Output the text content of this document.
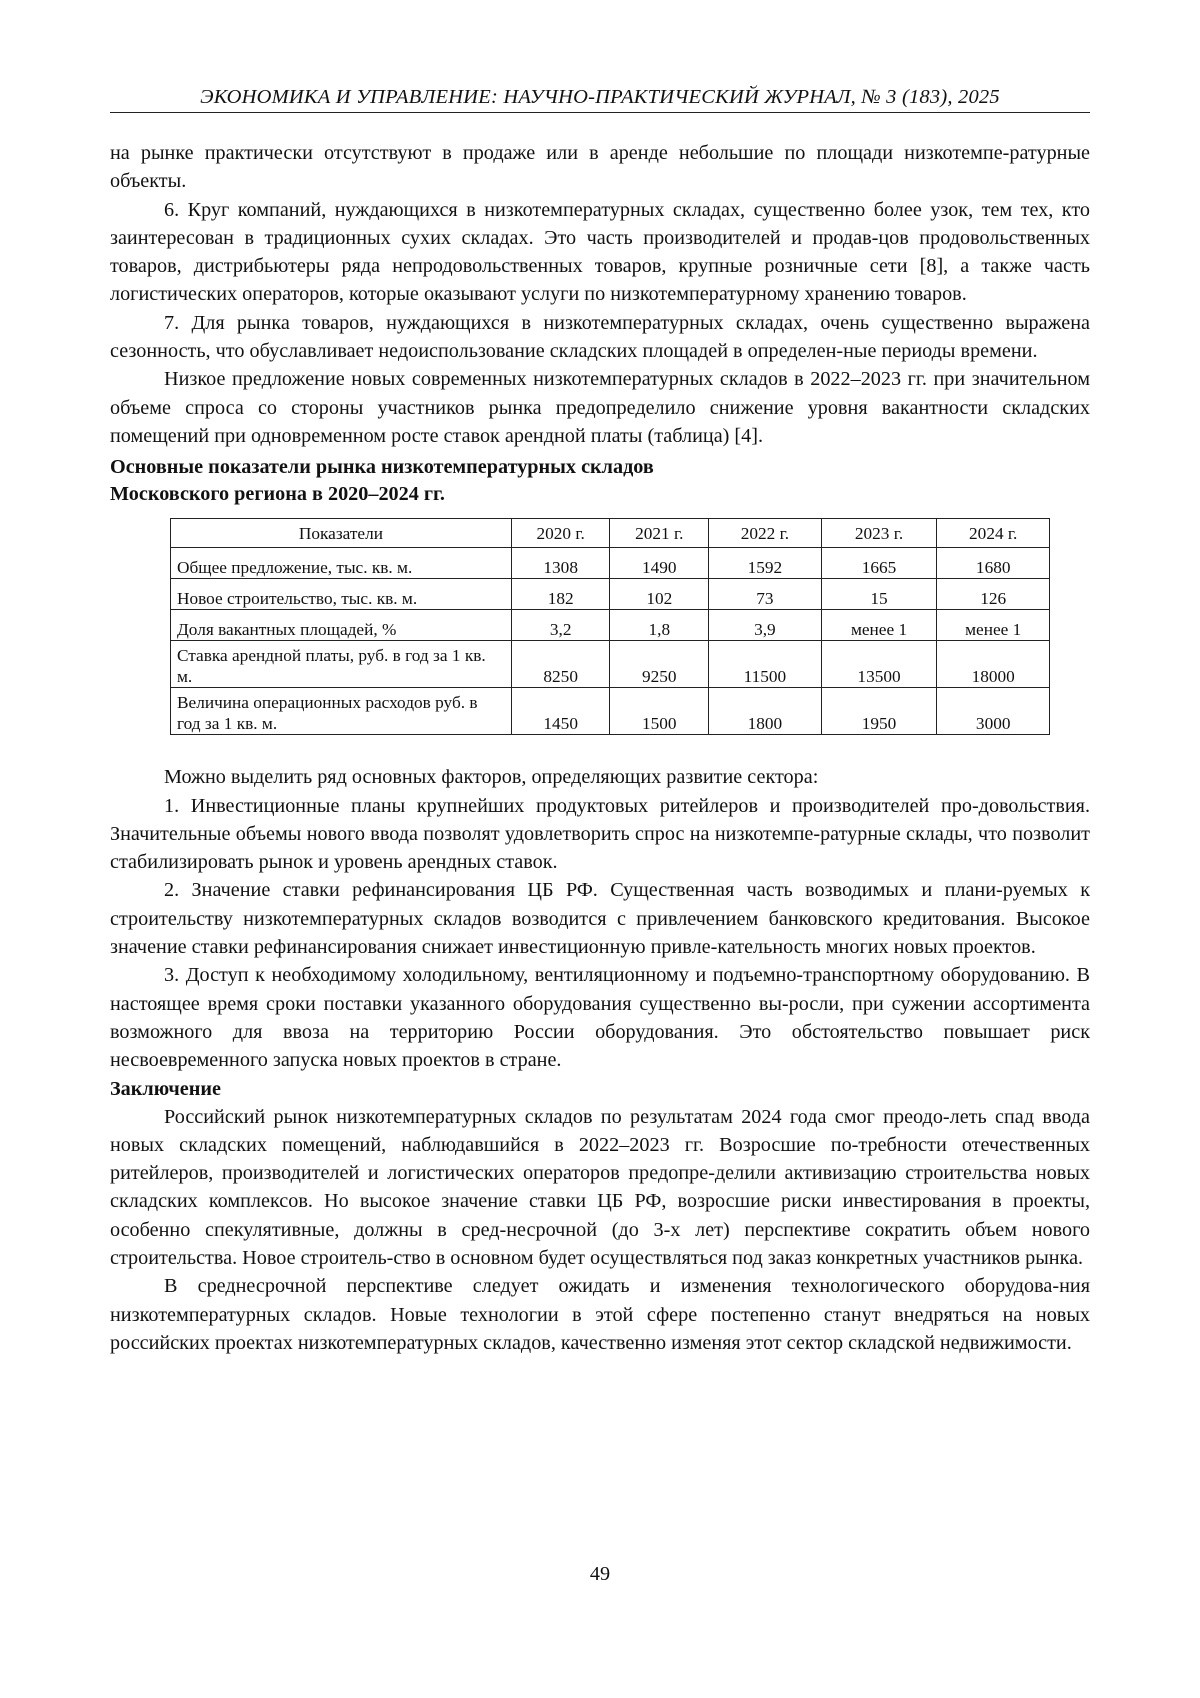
ЭКОНОМИКА И УПРАВЛЕНИЕ: НАУЧНО-ПРАКТИЧЕСКИЙ ЖУРНАЛ, № 3 (183), 2025

на рынке практически отсутствуют в продаже или в аренде небольшие по площади низкотемпе-ратурные объекты.

6. Круг компаний, нуждающихся в низкотемпературных складах, существенно более узок, тем тех, кто заинтересован в традиционных сухих складах. Это часть производителей и продав-цов продовольственных товаров, дистрибьютеры ряда непродовольственных товаров, крупные розничные сети [8], а также часть логистических операторов, которые оказывают услуги по низкотемпературному хранению товаров.

7. Для рынка товаров, нуждающихся в низкотемпературных складах, очень существенно выражена сезонность, что обуславливает недоиспользование складских площадей в определен-ные периоды времени.

Низкое предложение новых современных низкотемпературных складов в 2022–2023 гг. при значительном объеме спроса со стороны участников рынка предопределило снижение уровня вакантности складских помещений при одновременном росте ставок арендной платы (таблица) [4].

Основные показатели рынка низкотемпературных складов

Московского региона в 2020–2024 гг.

Показатели	2020 г.	2021 г.	2022 г.	2023 г.	2024 г.
Общее предложение, тыс. кв. м.	1308	1490	1592	1665	1680
Новое строительство, тыс. кв. м.	182	102	73	15	126
Доля вакантных площадей, %	3,2	1,8	3,9	менее 1	менее 1
Ставка арендной платы, руб. в год за 1 кв. м.	8250	9250	11500	13500	18000
Величина операционных расходов руб. в год за 1 кв. м.	1450	1500	1800	1950	3000

Можно выделить ряд основных факторов, определяющих развитие сектора:

1. Инвестиционные планы крупнейших продуктовых ритейлеров и производителей про-довольствия. Значительные объемы нового ввода позволят удовлетворить спрос на низкотемпе-ратурные склады, что позволит стабилизировать рынок и уровень арендных ставок.

2. Значение ставки рефинансирования ЦБ РФ. Существенная часть возводимых и плани-руемых к строительству низкотемпературных складов возводится с привлечением банковского кредитования. Высокое значение ставки рефинансирования снижает инвестиционную привле-кательность многих новых проектов.

3. Доступ к необходимому холодильному, вентиляционному и подъемно-транспортному оборудованию. В настоящее время сроки поставки указанного оборудования существенно вы-росли, при сужении ассортимента возможного для ввоза на территорию России оборудования. Это обстоятельство повышает риск несвоевременного запуска новых проектов в стране.

Заключение

Российский рынок низкотемпературных складов по результатам 2024 года смог преодо-леть спад ввода новых складских помещений, наблюдавшийся в 2022–2023 гг. Возросшие по-требности отечественных ритейлеров, производителей и логистических операторов предопре-делили активизацию строительства новых складских комплексов. Но высокое значение ставки ЦБ РФ, возросшие риски инвестирования в проекты, особенно спекулятивные, должны в сред-несрочной (до 3-х лет) перспективе сократить объем нового строительства. Новое строитель-ство в основном будет осуществляться под заказ конкретных участников рынка.

В среднесрочной перспективе следует ожидать и изменения технологического оборудова-ния низкотемпературных складов. Новые технологии в этой сфере постепенно станут внедряться на новых российских проектах низкотемпературных складов, качественно изменяя этот сектор складской недвижимости.

49
